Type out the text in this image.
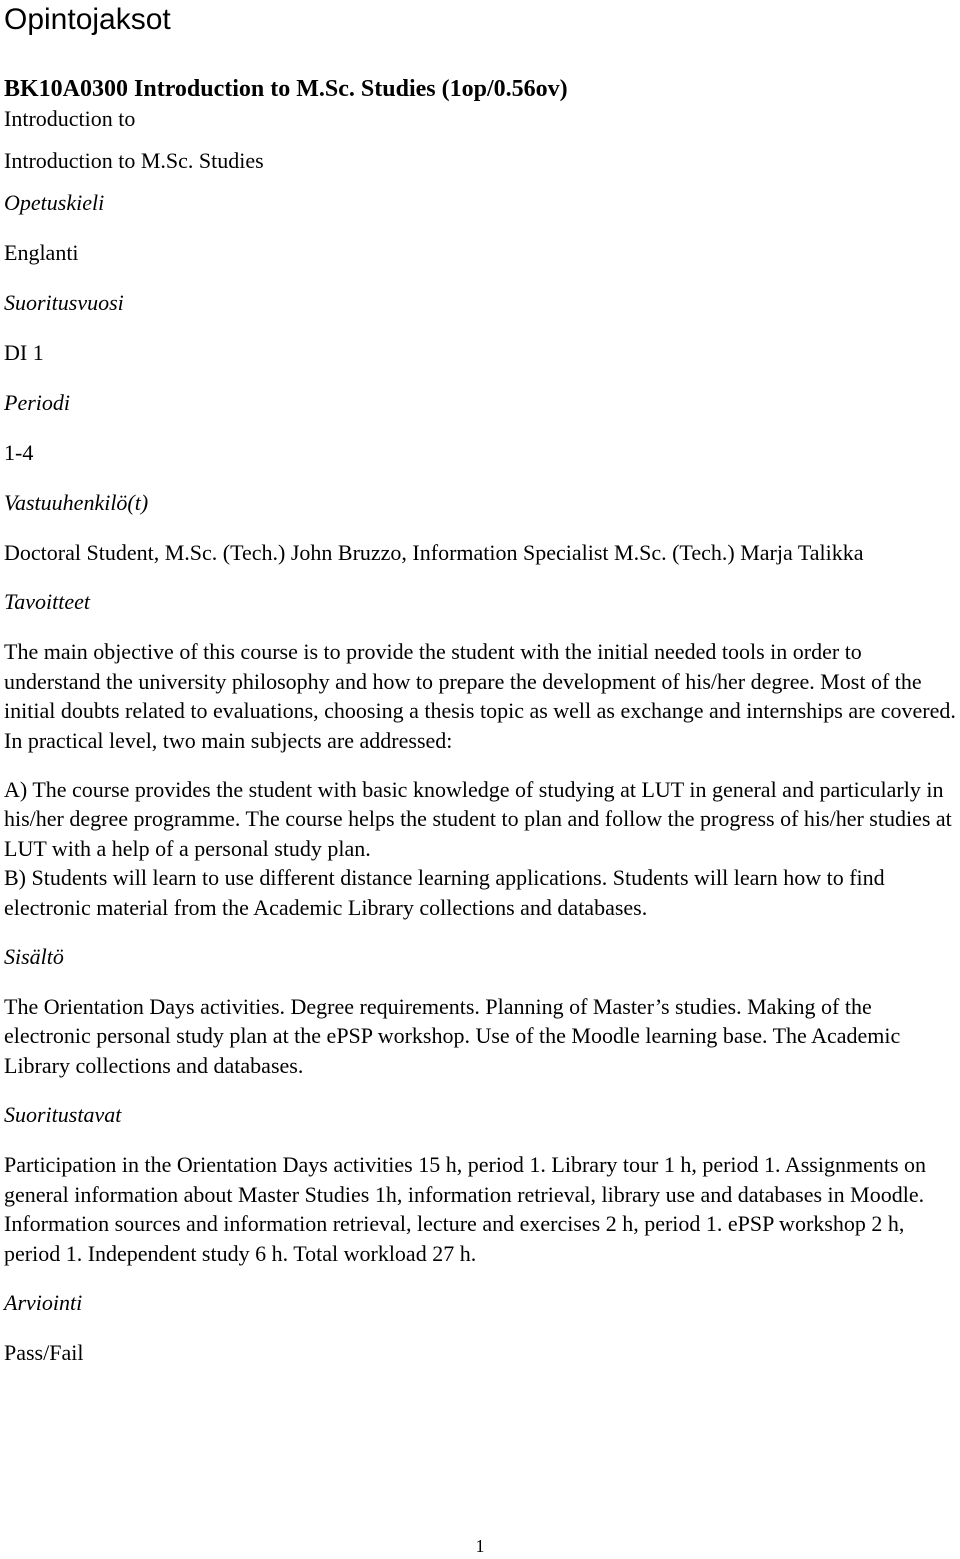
Opintojaksot
BK10A0300 Introduction to M.Sc. Studies (1op/0.56ov)
Introduction to
Introduction to M.Sc. Studies
Opetuskieli
Englanti
Suoritusvuosi
DI 1
Periodi
1-4
Vastuuhenkilö(t)
Doctoral Student, M.Sc. (Tech.) John Bruzzo, Information Specialist M.Sc. (Tech.) Marja Talikka
Tavoitteet
The main objective of this course is to provide the student with the initial needed tools in order to understand the university philosophy and how to prepare the development of his/her degree. Most of the initial doubts related to evaluations, choosing a thesis topic as well as exchange and internships are covered. In practical level, two main subjects are addressed:
A) The course provides the student with basic knowledge of studying at LUT in general and particularly in his/her degree programme. The course helps the student to plan and follow the progress of his/her studies at LUT with a help of a personal study plan.
B) Students will learn to use different distance learning applications. Students will learn how to find electronic material from the Academic Library collections and databases.
Sisältö
The Orientation Days activities. Degree requirements. Planning of Master’s studies. Making of the electronic personal study plan at the ePSP workshop. Use of the Moodle learning base. The Academic Library collections and databases.
Suoritustavat
Participation in the Orientation Days activities 15 h, period 1. Library tour 1 h, period 1. Assignments on general information about Master Studies 1h, information retrieval, library use and databases in Moodle. Information sources and information retrieval, lecture and exercises 2 h, period 1. ePSP workshop 2 h, period 1. Independent study 6 h. Total workload 27 h.
Arviointi
Pass/Fail
1
